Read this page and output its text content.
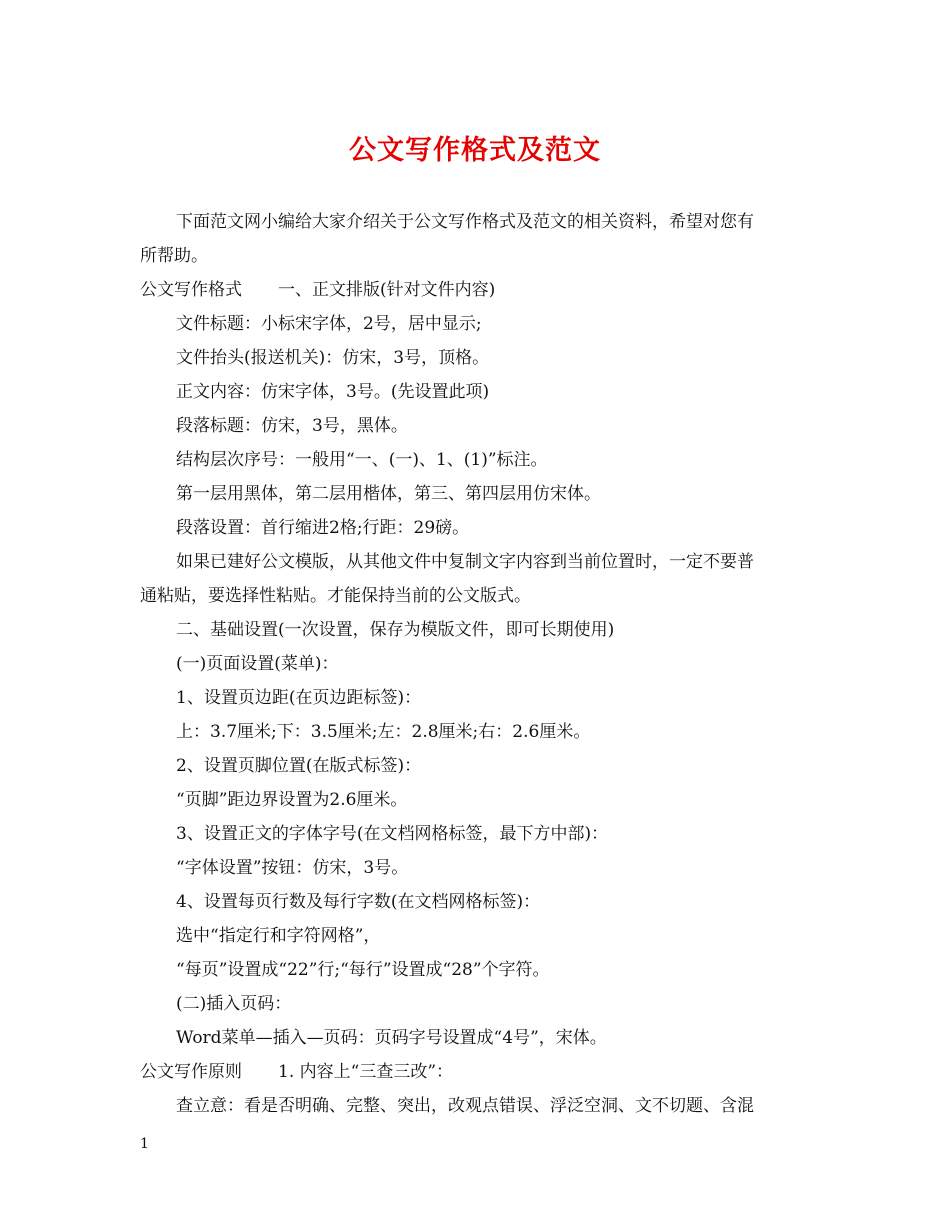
公文写作格式及范文
下面范文网小编给大家介绍关于公文写作格式及范文的相关资料，希望对您有
所帮助。
公文写作格式 一、正文排版(针对文件内容)
文件标题：小标宋字体，2号，居中显示;
文件抬头(报送机关)：仿宋，3号，顶格。
正文内容：仿宋字体，3号。(先设置此项)
段落标题：仿宋，3号，黑体。
结构层次序号：一般用“一、(一)、1、(1)”标注。
第一层用黑体，第二层用楷体，第三、第四层用仿宋体。
段落设置：首行缩进2格;行距：29磅。
如果已建好公文模版，从其他文件中复制文字内容到当前位置时，一定不要普
通粘贴，要选择性粘贴。才能保持当前的公文版式。
二、基础设置(一次设置，保存为模版文件，即可长期使用)
(一)页面设置(菜单)：
1、设置页边距(在页边距标签)：
上：3.7厘米;下：3.5厘米;左：2.8厘米;右：2.6厘米。
2、设置页脚位置(在版式标签)：
“页脚”距边界设置为2.6厘米。
3、设置正文的字体字号(在文档网格标签，最下方中部)：
“字体设置”按钮：仿宋，3号。
4、设置每页行数及每行字数(在文档网格标签)：
选中“指定行和字符网格”，
“每页”设置成“22”行;“每行”设置成“28”个字符。
(二)插入页码：
Word菜单—插入—页码：页码字号设置成“4号”，宋体。
公文写作原则 1. 内容上“三查三改”：
查立意：看是否明确、完整、突出，改观点错误、浮泛空洞、文不切题、含混
1
